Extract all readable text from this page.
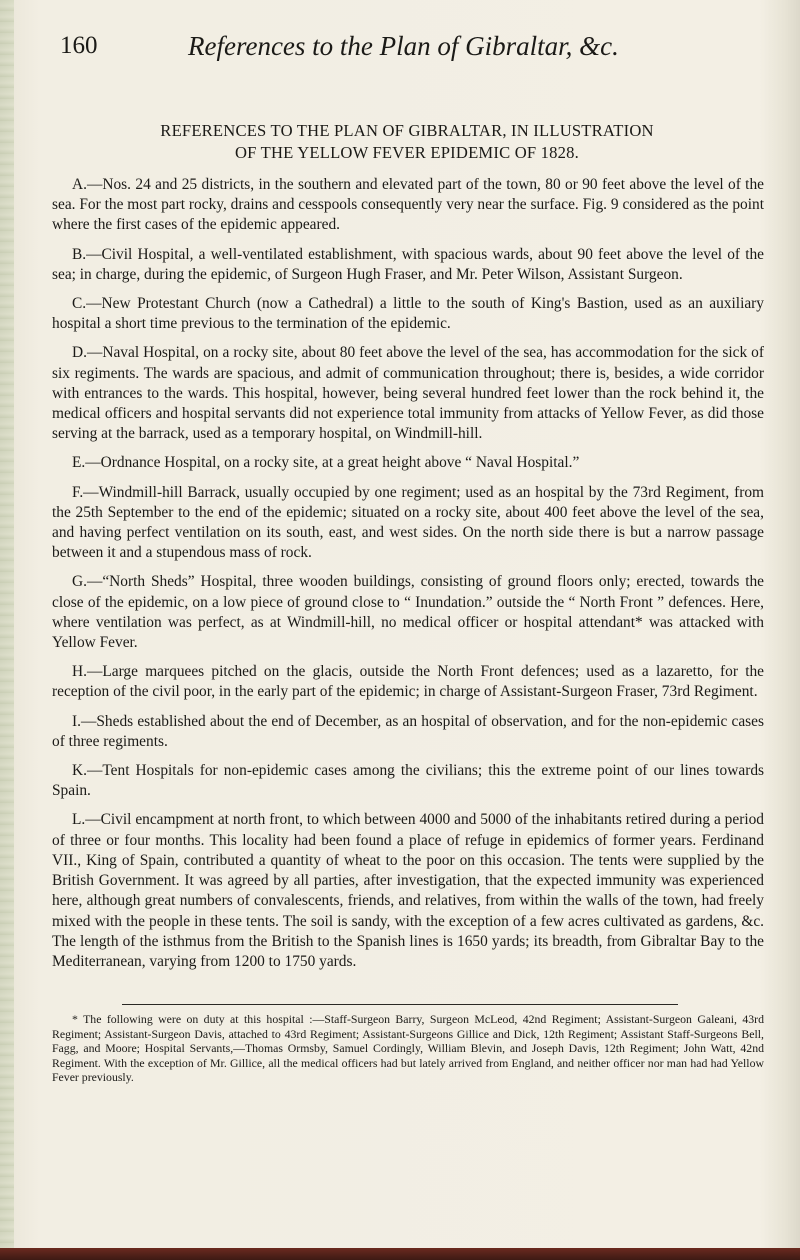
160	References to the Plan of Gibraltar, &c.
REFERENCES TO THE PLAN OF GIBRALTAR, IN ILLUSTRATION
OF THE YELLOW FEVER EPIDEMIC OF 1828.

A.—Nos. 24 and 25 districts, in the southern and elevated part of the town, 80 or 90 feet above the level of the sea. For the most part rocky, drains and cesspools consequently very near the surface. Fig. 9 considered as the point where the first cases of the epidemic appeared.

B.—Civil Hospital, a well-ventilated establishment, with spacious wards, about 90 feet above the level of the sea; in charge, during the epidemic, of Surgeon Hugh Fraser, and Mr. Peter Wilson, Assistant Surgeon.

C.—New Protestant Church (now a Cathedral) a little to the south of King's Bastion, used as an auxiliary hospital a short time previous to the termination of the epidemic.

D.—Naval Hospital, on a rocky site, about 80 feet above the level of the sea, has accommodation for the sick of six regiments. The wards are spacious, and admit of communication throughout; there is, besides, a wide corridor with entrances to the wards. This hospital, however, being several hundred feet lower than the rock behind it, the medical officers and hospital servants did not experience total immunity from attacks of Yellow Fever, as did those serving at the barrack, used as a temporary hospital, on Windmill-hill.

E.—Ordnance Hospital, on a rocky site, at a great height above “ Naval Hospital.”

F.—Windmill-hill Barrack, usually occupied by one regiment; used as an hospital by the 73rd Regiment, from the 25th September to the end of the epidemic; situated on a rocky site, about 400 feet above the level of the sea, and having perfect ventilation on its south, east, and west sides. On the north side there is but a narrow passage between it and a stupendous mass of rock.

G.—“North Sheds” Hospital, three wooden buildings, consisting of ground floors only; erected, towards the close of the epidemic, on a low piece of ground close to “ Inundation.” outside the “ North Front ” defences. Here, where ventilation was perfect, as at Windmill-hill, no medical officer or hospital attendant* was attacked with Yellow Fever.

H.—Large marquees pitched on the glacis, outside the North Front defences; used as a lazaretto, for the reception of the civil poor, in the early part of the epidemic; in charge of Assistant-Surgeon Fraser, 73rd Regiment.

I.—Sheds established about the end of December, as an hospital of observation, and for the non-epidemic cases of three regiments.

K.—Tent Hospitals for non-epidemic cases among the civilians; this the extreme point of our lines towards Spain.

L.—Civil encampment at north front, to which between 4000 and 5000 of the inhabitants retired during a period of three or four months. This locality had been found a place of refuge in epidemics of former years. Ferdinand VII., King of Spain, contributed a quantity of wheat to the poor on this occasion. The tents were supplied by the British Government. It was agreed by all parties, after investigation, that the expected immunity was experienced here, although great numbers of convalescents, friends, and relatives, from within the walls of the town, had freely mixed with the people in these tents. The soil is sandy, with the exception of a few acres cultivated as gardens, &c. The length of the isthmus from the British to the Spanish lines is 1650 yards; its breadth, from Gibraltar Bay to the Mediterranean, varying from 1200 to 1750 yards.

* The following were on duty at this hospital :—Staff-Surgeon Barry, Surgeon McLeod, 42nd Regiment; Assistant-Surgeon Galeani, 43rd Regiment; Assistant-Surgeon Davis, attached to 43rd Regiment; Assistant-Surgeons Gillice and Dick, 12th Regiment; Assistant Staff-Surgeons Bell, Fagg, and Moore; Hospital Servants,—Thomas Ormsby, Samuel Cordingly, William Blevin, and Joseph Davis, 12th Regiment; John Watt, 42nd Regiment. With the exception of Mr. Gillice, all the medical officers had but lately arrived from England, and neither officer nor man had had Yellow Fever previously.
